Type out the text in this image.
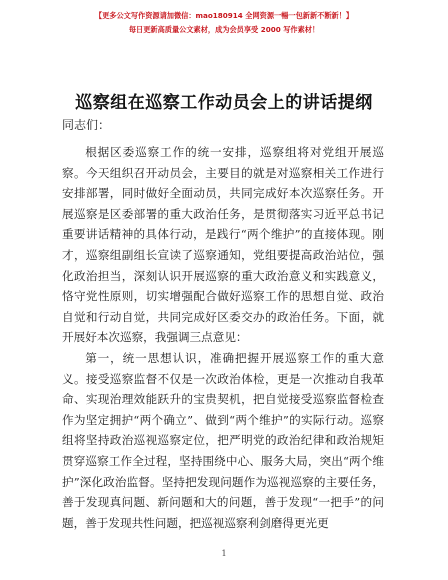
【更多公文写作资源请加微信：mao180914 全网资源一暢一包新新不断新！】
每日更新高质量公文素材，成为会员享受 2000 写作素材！
巡察组在巡察工作动员会上的讲话提纲
同志们：

根据区委巡察工作的统一安排，巡察组将对党组开展巡察。今天组织召开动员会，主要目的就是对巡察相关工作进行安排部署，同时做好全面动员，共同完成好本次巡察任务。开展巡察是区委部署的重大政治任务，是贯彻落实习近平总书记重要讲话精神的具体行动，是践行“两个维护”的直接体现。刚才，巡察组副组长宣读了巡察通知，党组要提高政治站位，强化政治担当，深刻认识开展巡察的重大政治意义和实践意义，恪守党性原则，切实增强配合做好巡察工作的思想自觉、政治自觉和行动自觉，共同完成好区委交办的政治任务。下面，就开展好本次巡察，我强调三点意见：

第一，统一思想认识，准确把握开展巡察工作的重大意义。接受巡察监督不仅是一次政治体检，更是一次推动自我革命、实现治理效能跃升的宝贵契机，把自觉接受巡察监督检查作为坚定拥护“两个确立”、做到“两个维护”的实际行动。巡察组将坚持政治巡视巡察定位，把严明党的政治纪律和政治规矩贯穿巡察工作全过程，坚持围绕中心、服务大局，突出“两个维护”深化政治监督。坚持把发现问题作为巡视巡察的主要任务，善于发现真问题、新问题和大的问题，善于发现“一把手”的问题，善于发现共性问题，把巡视巡察利剑磨得更光更

1
